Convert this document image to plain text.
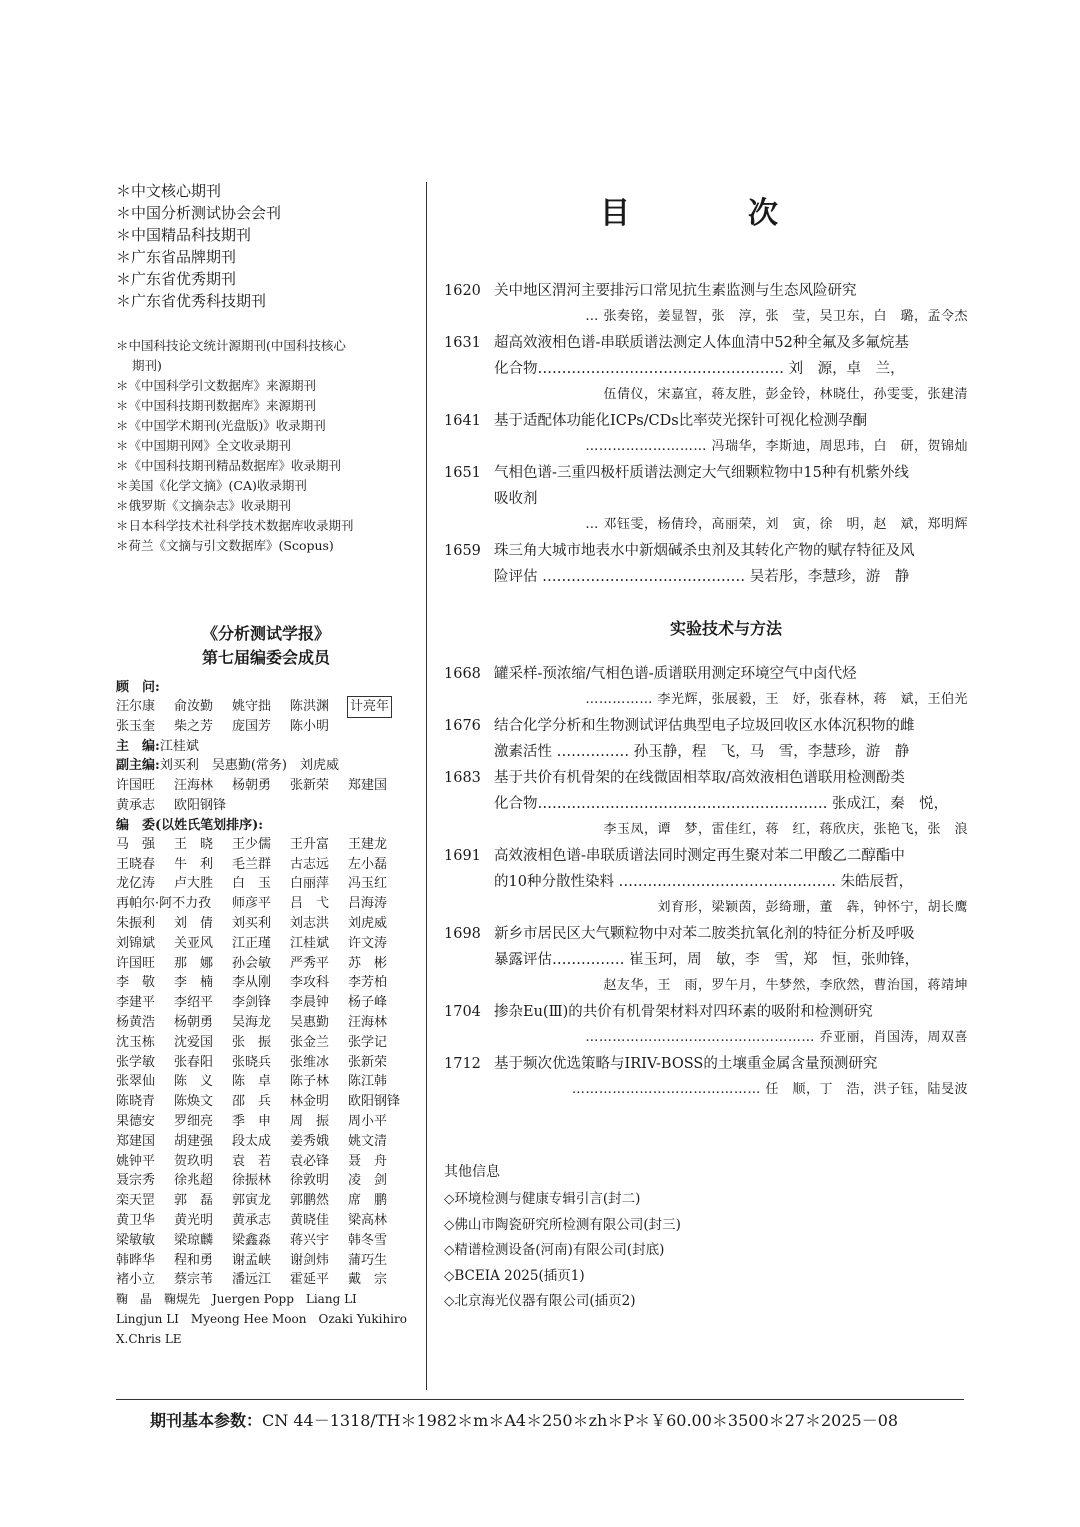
＊中文核心期刊
＊中国分析测试协会会刊
＊中国精品科技期刊
＊广东省品牌期刊
＊广东省优秀期刊
＊广东省优秀科技期刊
＊中国科技论文统计源期刊(中国科技核心
期刊)
＊《中国科学引文数据库》来源期刊
＊《中国科技期刊数据库》来源期刊
＊《中国学术期刊(光盘版)》收录期刊
＊《中国期刊网》全文收录期刊
＊《中国科技期刊精品数据库》收录期刊
＊美国《化学文摘》(CA)收录期刊
＊俄罗斯《文摘杂志》收录期刊
＊日本科学技术社科学技术数据库收录期刊
＊荷兰《文摘与引文数据库》(Scopus)
《分析测试学报》
第七届编委会成员
顾　问:
汪尔康	俞汝勤	姚守拙	陈洪渊	计亮年
张玉奎	柴之芳	庞国芳	陈小明
主　编:江桂斌
副主编:刘买利　吴惠勤(常务)　刘虎威
许国旺	汪海林	杨朝勇	张新荣	郑建国
黄承志	欧阳钢锋
编　委(以姓氏笔划排序):
马　强	王　晓	王少儒	王升富	王建龙
王晓春	牛　利	毛兰群	古志远	左小磊
龙亿涛	卢大胜	白　玉	白丽萍	冯玉红
再帕尔·阿不力孜	师彦平	吕　弋	吕海涛
朱振利	刘　倩	刘买利	刘志洪	刘虎威
刘锦斌	关亚风	江正瑾	江桂斌	许文涛
许国旺	那　娜	孙会敏	严秀平	苏　彬
李　敬	李　楠	李从刚	李攻科	李芳柏
李建平	李绍平	李剑锋	李晨钟	杨子峰
杨黄浩	杨朝勇	吴海龙	吴惠勤	汪海林
沈玉栋	沈爱国	张　振	张金兰	张学记
张学敏	张春阳	张晓兵	张维冰	张新荣
张翠仙	陈　义	陈　卓	陈子林	陈江韩
陈晓青	陈焕文	邵　兵	林金明	欧阳钢锋
果德安	罗细亮	季　申	周　振	周小平
郑建国	胡建强	段太成	姜秀娥	姚文清
姚钟平	贺玖明	袁　若	袁必锋	聂　舟
聂宗秀	徐兆超	徐振林	徐敦明	凌　剑
栾天罡	郭　磊	郭寅龙	郭鹏然	席　鹏
黄卫华	黄光明	黄承志	黄晓佳	梁高林
梁敏敏	梁琼麟	梁鑫淼	蒋兴宇	韩冬雪
韩晔华	程和勇	谢孟峡	谢剑炜	蒲巧生
褚小立	蔡宗苇	潘远江	霍延平	戴　宗
鞠　晶　鞠熀先　Juergen Popp　Liang LI
Lingjun LI　Myeong Hee Moon　Ozaki Yukihiro
X.Chris LE
目　次
1620 关中地区渭河主要排污口常见抗生素监测与生态风险研究
… 张奏铭，姜显智，张　淳，张　莹，吴卫东，白　璐，孟令杰
1631 超高效液相色谱-串联质谱法测定人体血清中52种全氟及多氟烷基
化合物…………………………………………… 刘　源，卓　兰，
伍倩仪，宋嘉宜，蒋友胜，彭金铃，林晓仕，孙雯雯，张建清
1641 基于适配体功能化ICPs/CDs比率荧光探针可视化检测孕酮
……………………… 冯瑞华，李斯迪，周思玮，白　研，贺锦灿
1651 气相色谱-三重四极杆质谱法测定大气细颗粒物中15种有机紫外线
吸收剂
… 邓钰雯，杨倩玲，高丽荣，刘　寅，徐　明，赵　斌，郑明辉
1659 珠三角大城市地表水中新烟碱杀虫剂及其转化产物的赋存特征及风
险评估 …………………………………… 吴若彤，李慧珍，游　静
实验技术与方法
1668 罐采样-预浓缩/气相色谱-质谱联用测定环境空气中卤代烃
…………… 李光辉，张展毅，王　妤，张春林，蒋　斌，王伯光
1676 结合化学分析和生物测试评估典型电子垃圾回收区水体沉积物的雌
激素活性 …………… 孙玉静，程　飞，马　雪，李慧珍，游　静
1683 基于共价有机骨架的在线微固相萃取/高效液相色谱联用检测酚类
化合物…………………………………………………… 张成江，秦　悦，
李玉凤，谭　梦，雷佳红，蒋　红，蒋欣庆，张艳飞，张　浪
1691 高效液相色谱-串联质谱法同时测定再生聚对苯二甲酸乙二醇酯中
的10种分散性染料 ……………………………………… 朱皓辰哲，
刘育形，梁颖茵，彭绮珊，董　犇，钟怀宁，胡长鹰
1698 新乡市居民区大气颗粒物中对苯二胺类抗氧化剂的特征分析及呼吸
暴露评估…………… 崔玉珂，周　敏，李　雪，郑　恒，张帅锋，
赵友华，王　雨，罗午月，牛梦然，李欣然，曹治国，蒋靖坤
1704 掺杂Eu(Ⅲ)的共价有机骨架材料对四环素的吸附和检测研究
…………………………………………… 乔亚丽，肖国涛，周双喜
1712 基于频次优选策略与IRIV-BOSS的土壤重金属含量预测研究
…………………………………… 任　顺，丁　浩，洪子钰，陆旻波
其他信息
◇环境检测与健康专辑引言(封二)
◇佛山市陶瓷研究所检测有限公司(封三)
◇精谱检测设备(河南)有限公司(封底)
◇BCEIA 2025(插页1)
◇北京海光仪器有限公司(插页2)
期刊基本参数：CN 44－1318/TH＊1982＊m＊A4＊250＊zh＊P＊￥60.00＊3500＊27＊2025－08
